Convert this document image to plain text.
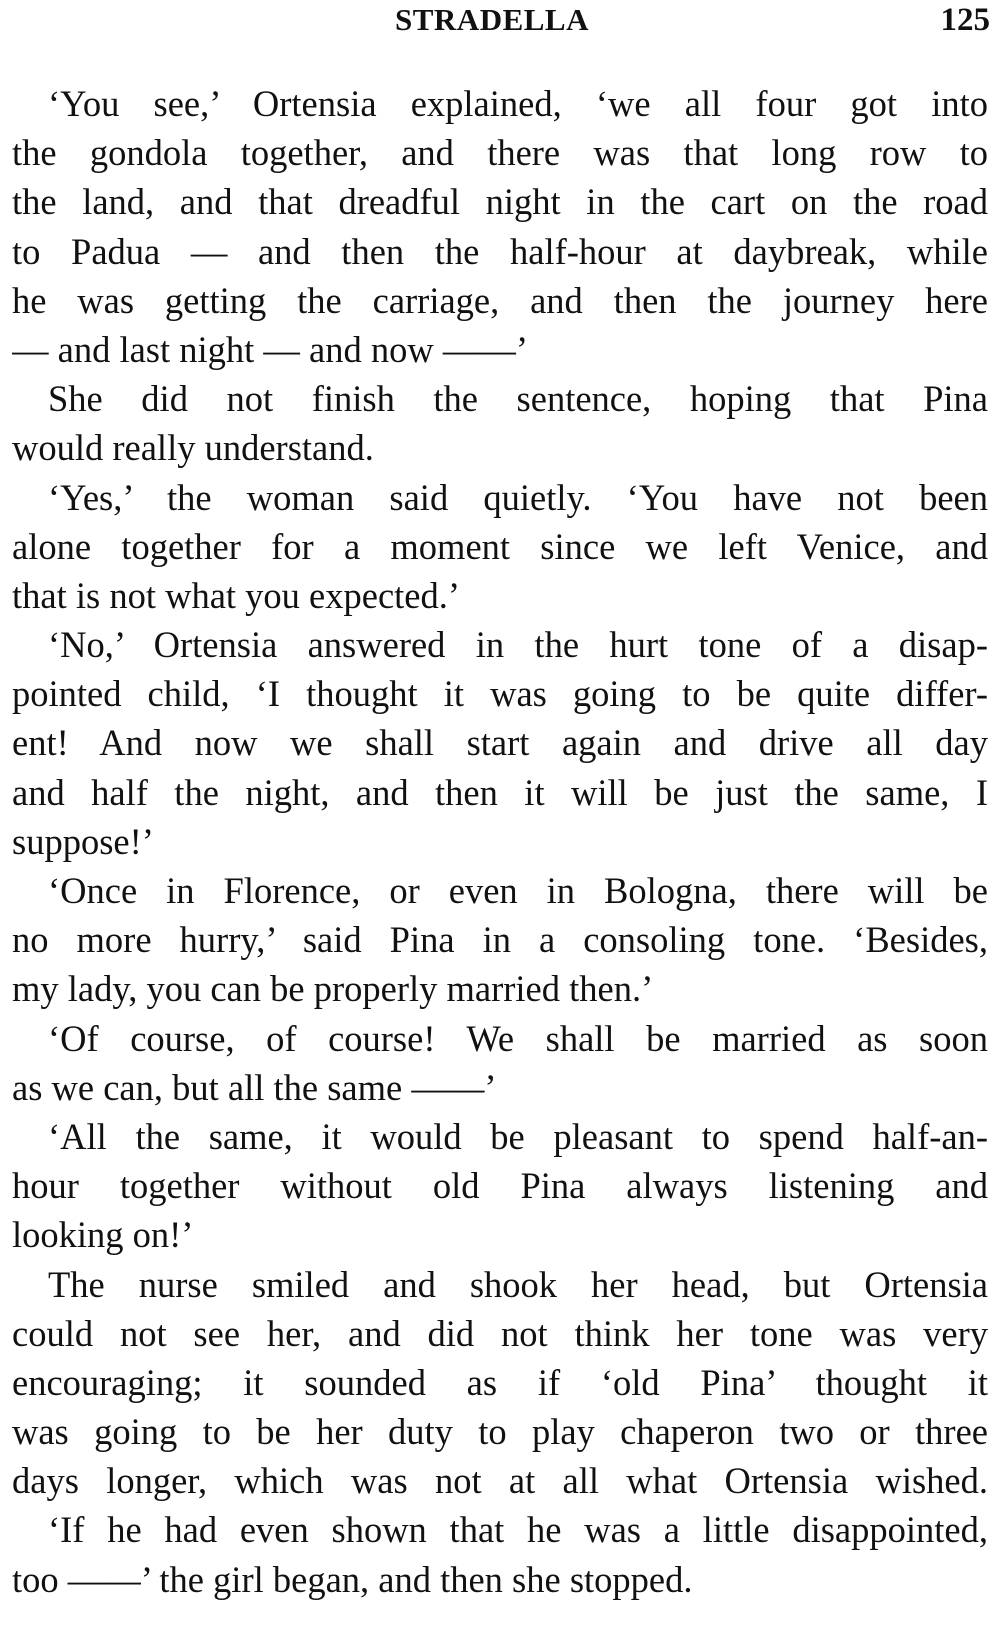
STRADELLA	125
‘You see,’ Ortensia explained, ‘we all four got into
the gondola together, and there was that long row to
the land, and that dreadful night in the cart on the road
to Padua — and then the half-hour at daybreak, while
he was getting the carriage, and then the journey here
— and last night — and now ——’
She did not finish the sentence, hoping that Pina
would really understand.
‘Yes,’ the woman said quietly. ‘You have not been
alone together for a moment since we left Venice, and
that is not what you expected.’
‘No,’ Ortensia answered in the hurt tone of a disap-
pointed child, ‘I thought it was going to be quite differ-
ent! And now we shall start again and drive all day
and half the night, and then it will be just the same, I
suppose!’
‘Once in Florence, or even in Bologna, there will be
no more hurry,’ said Pina in a consoling tone. ‘Besides,
my lady, you can be properly married then.’
‘Of course, of course! We shall be married as soon
as we can, but all the same ——’
‘All the same, it would be pleasant to spend half-an-
hour together without old Pina always listening and
looking on!’
The nurse smiled and shook her head, but Ortensia
could not see her, and did not think her tone was very
encouraging; it sounded as if ‘old Pina’ thought it
was going to be her duty to play chaperon two or three
days longer, which was not at all what Ortensia wished.
‘If he had even shown that he was a little disappointed,
too ——’ the girl began, and then she stopped.
